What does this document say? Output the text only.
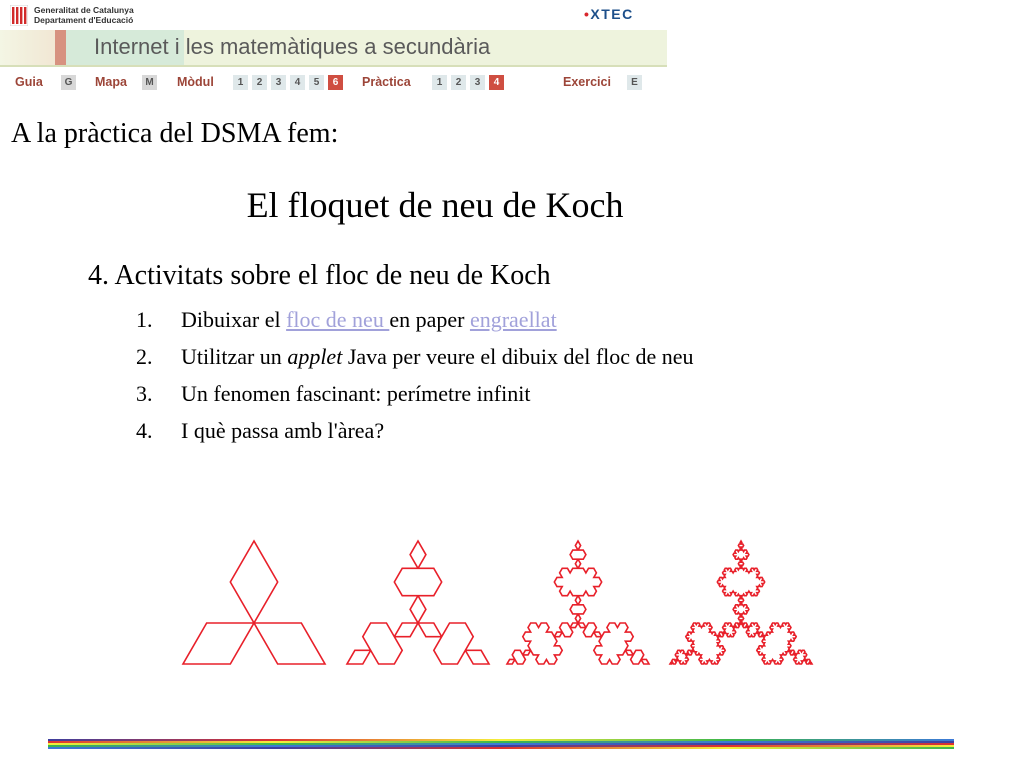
Generalitat de Catalunya
Departament d'Educació	•XTEC
Internet i les matemàtiques a secundària
Guia	G Mapa	M Mòdul	1	2	3	4	5	6	Pràctica	1	2	3	4	Exercici	E
A la pràctica del DSMA fem:
El floquet de neu de Koch
4. Activitats sobre el floc de neu de Koch
1. Dibuixar el floc de neu en paper engraellat
2. Utilitzar un applet Java per veure el dibuix del floc de neu
3. Un fenomen fascinant: perímetre infinit
4. I què passa amb l'àrea?
